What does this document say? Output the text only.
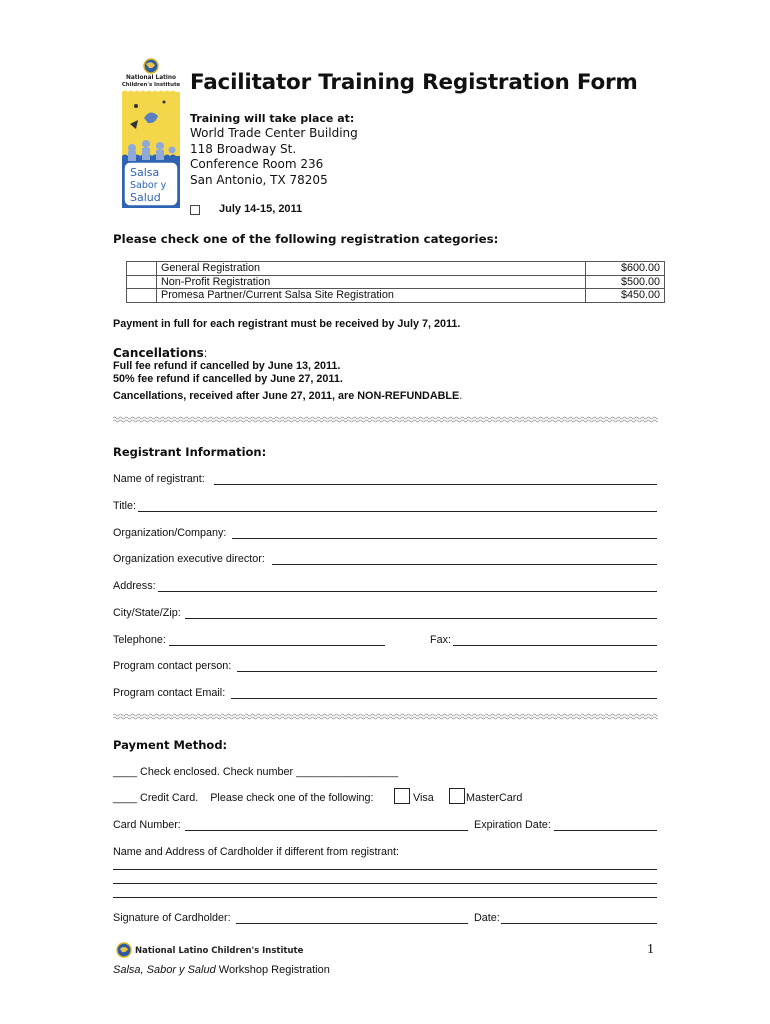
National Latino
Children's Institute
Salsa
Sabor y
Salud
Facilitator Training Registration Form
Training will take place at:
World Trade Center Building
118 Broadway St.
Conference Room 236
San Antonio, TX 78205
July 14-15, 2011
Please check one of the following registration categories:
	General Registration	$600.00
	Non-Profit Registration	$500.00
	Promesa Partner/Current Salsa Site Registration	$450.00
Payment in full for each registrant must be received by July 7, 2011.
Cancellations:
Full fee refund if cancelled by June 13, 2011.
50% fee refund if cancelled by June 27, 2011.
Cancellations, received after June 27, 2011, are NON-REFUNDABLE.
Registrant Information:
Name of registrant:
Title:
Organization/Company:
Organization executive director:
Address:
City/State/Zip:
Telephone:	Fax:
Program contact person:
Program contact Email:
Payment Method:
____ Check enclosed. Check number _________________
____ Credit Card. Please check one of the following:	Visa	MasterCard
Card Number:	Expiration Date:
Name and Address of Cardholder if different from registrant:
Signature of Cardholder:	Date:
National Latino Children's Institute	1
Salsa, Sabor y Salud Workshop Registration
